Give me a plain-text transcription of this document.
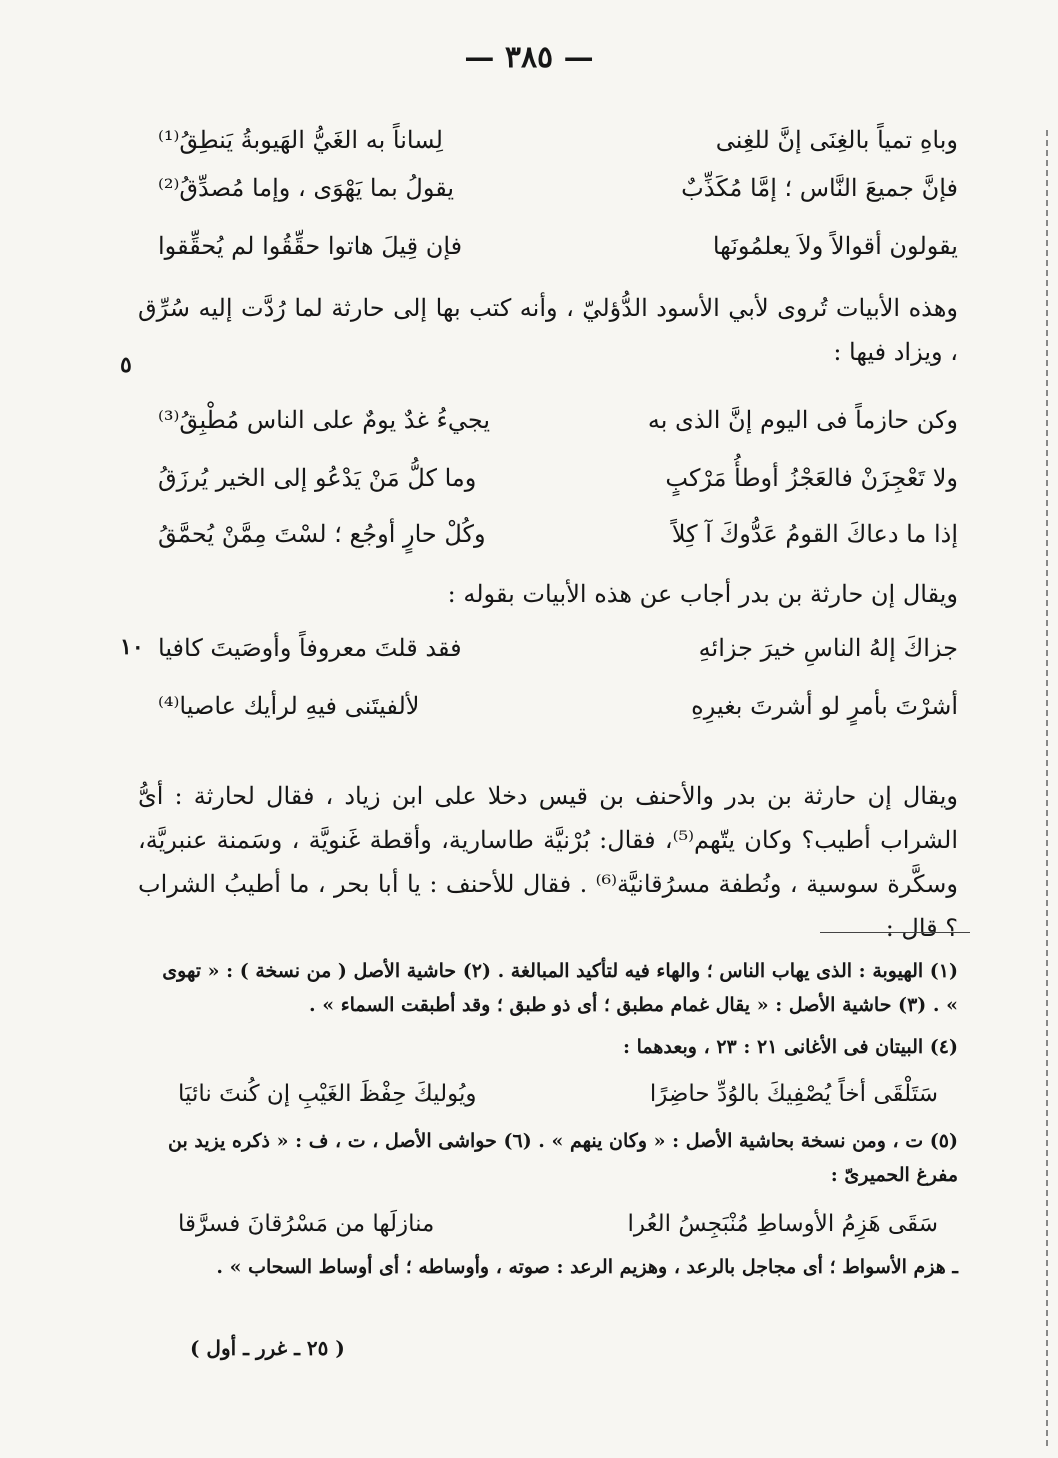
— ٣٨٥ —
وباهِ تمياً بالغِنَى إنَّ للغِنى
لِساناً به الغَيُّ الهَيوبةُ يَنطِقُ⁽¹⁾
فإنَّ جميعَ النَّاس ؛ إمَّا مُكَذِّبٌ
يقولُ بما يَهْوَى ، وإما مُصدِّقُ⁽²⁾
يقولون أقوالاً ولاَ يعلمُونَها
فإن قِيلَ هاتوا حقِّقُوا لم يُحقِّقوا
وهذه الأبيات تُروى لأبي الأسود الدُّؤليّ ، وأنه كتب بها إلى حارثة لما رُدَّت إليه سُرِّق ، ويزاد فيها :
٥
وكن حازماً فى اليوم إنَّ الذى به
يجيءُ غدٌ يومٌ على الناس مُطْبِقُ⁽³⁾
ولا تَعْجِزَنْ فالعَجْزُ أوطأُ مَرْكبٍ
وما كلُّ مَنْ يَدْعُو إلى الخير يُرزَقُ
إذا ما دعاكَ القومُ عَدُّوكَ آ كِلاً
وكُلْ حارٍ أوجُع ؛ لسْتَ مِمَّنْ يُحمَّقُ
ويقال إن حارثة بن بدر أجاب عن هذه الأبيات بقوله :
١٠	جزاكَ إلهُ الناسِ خيرَ جزائهِ
فقد قلتَ معروفاً وأوصَيتَ كافيا
أشرْتَ بأمرٍ لو أشرتَ بغيرِهِ
لألفيتَنى فيهِ لرأيك عاصيا⁽⁴⁾
ويقال إن حارثة بن بدر والأحنف بن قيس دخلا على ابن زياد ، فقال لحارثة : أىُّ الشراب أطيب؟ وكان يتّهم⁽⁵⁾، فقال: بُرْنيَّة طاسارية، وأقطة غَنويَّة ، وسَمنة عنبريَّة، وسكَّرة سوسية ، ونُطفة مسرُقانيَّة⁽⁶⁾ . فقال للأحنف : يا أبا بحر ، ما أطيبُ الشراب ؟ قال :
(١) الهيوبة : الذى يهاب الناس ؛ والهاء فيه لتأكيد المبالغة . (٢) حاشية الأصل ( من نسخة ) : « تهوى » . (٣) حاشية الأصل : « يقال غمام مطبق ؛ أى ذو طبق ؛ وقد أطبقت السماء » .
(٤) البيتان فى الأغانى ٢١ : ٢٣ ، وبعدهما :
سَتَلْقَى أخاً يُصْفِيكَ بالوُدِّ حاضِرًا
ويُوليكَ حِفْظَ الغَيْبِ إن كُنتَ نائيَا
(٥) ت ، ومن نسخة بحاشية الأصل : « وكان ينهم » . (٦) حواشى الأصل ، ت ، ف : « ذكره يزيد بن مفرغ الحميرىّ :
سَقَى هَزِمُ الأوساطِ مُنْبَجِسُ العُرا
منازلَها من مَسْرُقانَ فسرَّقا
ـ هزم الأسواط ؛ أى مجاجل بالرعد ، وهزيم الرعد : صوته ، وأوساطه ؛ أى أوساط السحاب » .
( ٢٥ ـ غرر ـ أول )
